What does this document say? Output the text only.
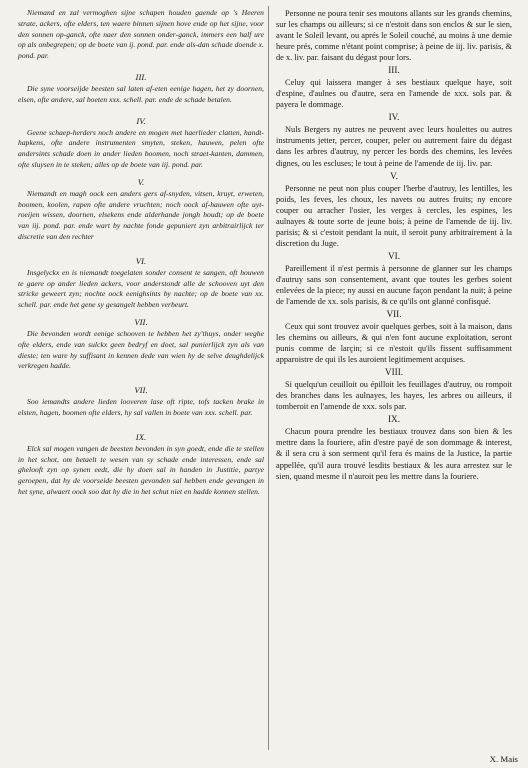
Niemand en zal vermoghen sijne schapen houden gaende op 's Heeren strate, ackers, ofte elders, ten waere binnen sijnen hove ende op het sijne, voor den sonnen op-ganck, ofte naer den sonnen onder-ganck, immers een half ure op als onbegrepen; op de boete van ij. pond. par. ende als-dan schade doende x. pond. par.

III.

Die syne voorseijde beesten sal laten af-eten eenige hagen, het zy doornen, elsen, ofte andere, sal boeten xxx. schell. par. ende de schade betalen.

IV.

Geene schaep-herders noch andere en mogen met haerlieder clatten, handt-hapkens, ofte andere instrumenten smyten, steken, hauwen, pelen ofte andersints schade doen in ander lieden boomen, noch straet-kanten, dammen, ofte sluysen in te steken; alles op de boete van iij. pond. par.

V.

Niemandt en magh oock een anders gers af-snyden, vitsen, kruyt, erweten, boomen, koolen, rapen ofte andere vruchten; noch oock af-hauwen ofte uyt-roeijen wissen, doornen, elsekens ende alderhande jongh houdt; op de boete van iij. pond. par. ende wart by nachte fonde gepuniert zyn arbitrairlijck ter discretie van den rechter

VI.

Insgelyckx en is niemandt toegelaten sonder consent te sangen, oft houwen te gaere op ander lieden ackers, voor anderstondt alle de schooven uyt den stricke geweert zyn; nochte oock eenighsints by nachte; op de boete van xx. schell. par. ende het gene sy gesangelt hebben verbeurt.

VII.

Die bevonden wordt eenige schooven te hebben het zy'thuys, onder weghe ofte elders, ende van sulckx geen bedryf en doet, sal punierlijck zyn als van dieste; ten ware hy suffisant in kennen dede van wien hy de selve deughdelijck verkregen hadde.

VII.

Soo iemandts andere lieden looveren lase oft ripte, tofs tacken brake in elsten, hagen, boomen ofte elders, hy sal vallen in boete van xxx. schell. par.

IX.

Elck sal mogen vangen de beesten bevonden in syn goedt, ende die te stellen in het schot, om betaelt te wesen van sy schade ende interessen, ende sal ghelooft zyn op synen eedt, die hy doen sal in handen in Justitie, partye geroepen, dat hy de voorseide beesten gevonden sal hebben ende gevangen in het syne, alwaert oock soo dat hy die in het schut niet en hadde konnen stellen.

Personne ne poura tenir ses moutons allants sur les grands chemins, sur les champs ou ailleurs; si ce n'estoit dans son enclos & sur le sien, avant le Soleil levant, ou aprés le Soleil couché, au moins à une demie heure prés, comme n'étant point comprise; à peine de iij. liv. parisis, & de x. liv. par. faisant du dégast pour lors.

III.

Celuy qui laissera manger à ses bestiaux quelque haye, soit d'espine, d'aulnes ou d'autre, sera en l'amende de xxx. sols par. & payera le dommage.

IV.

Nuls Bergers ny autres ne peuvent avec leurs houlettes ou autres instruments jetter, percer, couper, peler ou autrement faire du dégast dans les arbres d'autruy, ny percer les bords des chemins, les levées dignes, ou les escluses; le tout à peine de l'amende de iij. liv. par.

V.

Personne ne peut non plus couper l'herbe d'autruy, les lentilles, les poids, les feves, les choux, les navets ou autres fruits; ny encore couper ou arracher l'osier, les verges à cercles, les espines, les aulnayes & toute sorte de jeune bois; à peine de l'amende de iij. liv. parisis; & si c'estoit pendant la nuit, il seroit puny arbitrairement à la discretion du Juge.

VI.

Pareillement il n'est permis à personne de glanner sur les champs d'autruy sans son consentement, avant que toutes les gerbes soient enlevées de la piece; ny aussi en aucune façon pendant la nuit; à peine de l'amende de xx. sols parisis, & ce qu'ils ont glanné confisqué.

VII.

Ceux qui sont trouvez avoir quelques gerbes, soit à la maison, dans les chemins ou ailleurs, & qui n'en font aucune exploitation, seront punis comme de larçin; si ce n'estoit qu'ils fissent suffisamment apparoistre de qui ils les auroient legitimement acquises.

VIII.

Si quelqu'un ceuilloit ou épilloit les feuillages d'autruy, ou rompoit des branches dans les aulnayes, les hayes, les arbres ou ailleurs, il tomberoit en l'amende de xxx. sols par.

IX.

Chacun poura prendre les bestiaux trouvez dans son bien & les mettre dans la fouriere, afin d'estre payé de son dommage & interest, & il sera cru à son serment qu'il fera és mains de la Justice, la partie appellée, qu'il aura trouvé lesdits bestiaux & les aura arrestez sur le sien, quand mesme il n'auroit peu les mettre dans la fouriere.

X. Mais
